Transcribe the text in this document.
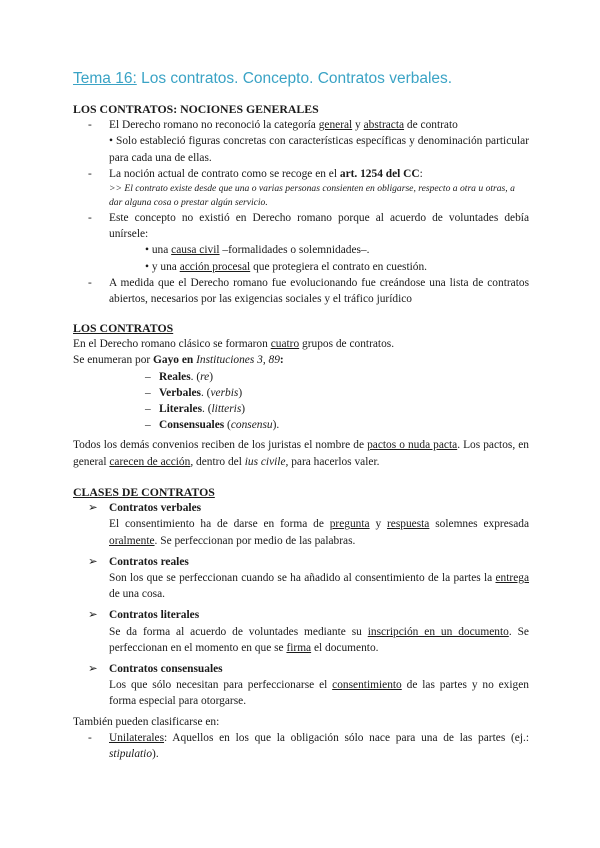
Tema 16: Los contratos. Concepto. Contratos verbales.

LOS CONTRATOS: NOCIONES GENERALES

- El Derecho romano no reconoció la categoría general y abstracta de contrato
• Solo estableció figuras concretas con características específicas y denominación particular para cada una de ellas.
- La noción actual de contrato como se recoge en el art. 1254 del CC:
>> El contrato existe desde que una o varias personas consienten en obligarse, respecto a otra u otras, a dar alguna cosa o prestar algún servicio.
- Este concepto no existió en Derecho romano porque al acuerdo de voluntades debía unírsele:
• una causa civil –formalidades o solemnidades–.
• y una acción procesal que protegiera el contrato en cuestión.
- A medida que el Derecho romano fue evolucionando fue creándose una lista de contratos abiertos, necesarios por las exigencias sociales y el tráfico jurídico

LOS CONTRATOS

En el Derecho romano clásico se formaron cuatro grupos de contratos.
Se enumeran por Gayo en Instituciones 3, 89:
– Reales. (re)
– Verbales. (verbis)
– Literales. (litteris)
– Consensuales (consensu).
Todos los demás convenios reciben de los juristas el nombre de pactos o nuda pacta. Los pactos, en general carecen de acción, dentro del ius civile, para hacerlos valer.

CLASES DE CONTRATOS

➢ Contratos verbales
El consentimiento ha de darse en forma de pregunta y respuesta solemnes expresada oralmente. Se perfeccionan por medio de las palabras.
➢ Contratos reales
Son los que se perfeccionan cuando se ha añadido al consentimiento de la partes la entrega de una cosa.
➢ Contratos literales
Se da forma al acuerdo de voluntades mediante su inscripción en un documento. Se perfeccionan en el momento en que se firma el documento.
➢ Contratos consensuales
Los que sólo necesitan para perfeccionarse el consentimiento de las partes y no exigen forma especial para otorgarse.
También pueden clasificarse en:
- Unilaterales: Aquellos en los que la obligación sólo nace para una de las partes (ej.: stipulatio).
